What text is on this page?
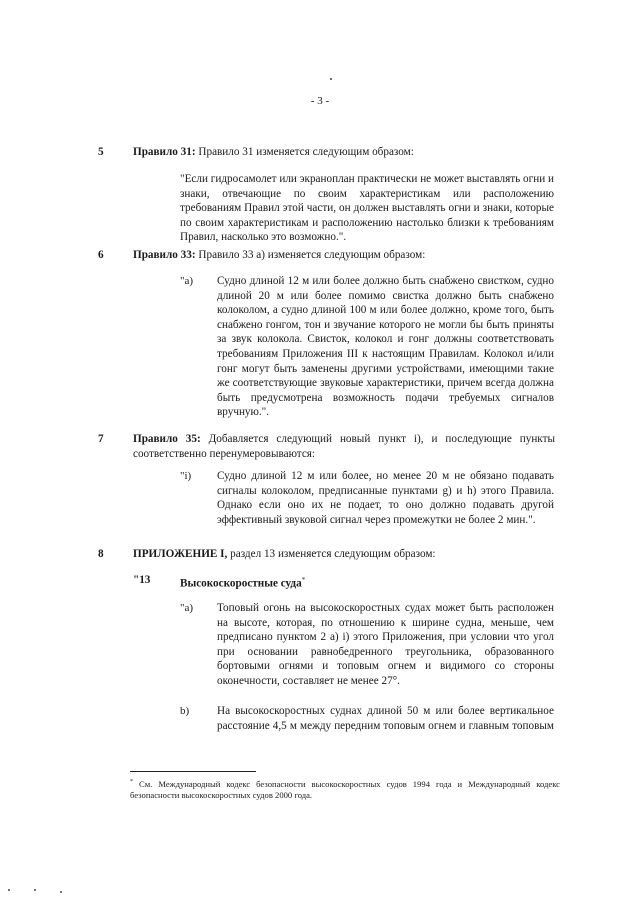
- 3 -
5	Правило 31: Правило 31 изменяется следующим образом:
"Если гидросамолет или экраноплан практически не может выставлять огни и знаки, отвечающие по своим характеристикам или расположению требованиям Правил этой части, он должен выставлять огни и знаки, которые по своим характеристикам и расположению настолько близки к требованиям Правил, насколько это возможно.".
6	Правило 33: Правило 33 а) изменяется следующим образом:
"a) Судно длиной 12 м или более должно быть снабжено свистком, судно длиной 20 м или более помимо свистка должно быть снабжено колоколом, а судно длиной 100 м или более должно, кроме того, быть снабжено гонгом, тон и звучание которого не могли бы быть приняты за звук колокола. Свисток, колокол и гонг должны соответствовать требованиям Приложения III к настоящим Правилам. Колокол и/или гонг могут быть заменены другими устройствами, имеющими такие же соответствующие звуковые характеристики, причем всегда должна быть предусмотрена возможность подачи требуемых сигналов вручную.".
7	Правило 35: Добавляется следующий новый пункт i), и последующие пункты соответственно перенумеровываются:
"i) Судно длиной 12 м или более, но менее 20 м не обязано подавать сигналы колоколом, предписанные пунктами g) и h) этого Правила. Однако если оно их не подает, то оно должно подавать другой эффективный звуковой сигнал через промежутки не более 2 мин.".
8	ПРИЛОЖЕНИЕ I, раздел 13 изменяется следующим образом:
"13	Высокоскоростные суда*
"a) Топовый огонь на высокоскоростных судах может быть расположен на высоте, которая, по отношению к ширине судна, меньше, чем предписано пунктом 2 а) i) этого Приложения, при условии что угол при основании равнобедренного треугольника, образованного бортовыми огнями и топовым огнем и видимого со стороны оконечности, составляет не менее 27°.
b) На высокоскоростных суднах длиной 50 м или более вертикальное расстояние 4,5 м между передним топовым огнем и главным топовым
* См. Международный кодекс безопасности высокоскоростных судов 1994 года и Международный кодекс безопасности высокоскоростных судов 2000 года.
